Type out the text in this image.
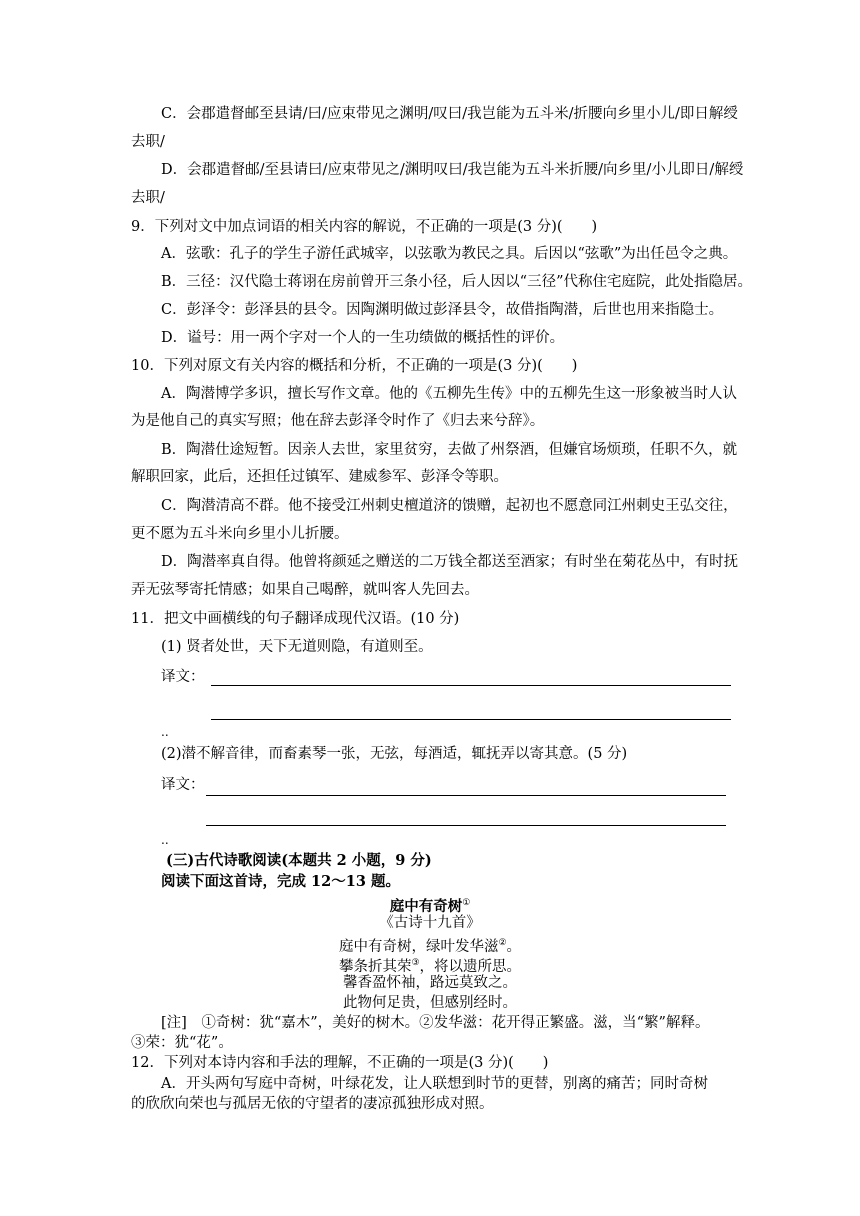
C．会郡遣督邮至县请/曰/应束带见之渊明/叹曰/我岂能为五斗米/折腰向乡里小儿/即日解绶
去职/
D．会郡遣督邮/至县请曰/应束带见之/渊明叹曰/我岂能为五斗米折腰/向乡里/小儿即日/解绶
去职/
9．下列对文中加点词语的相关内容的解说，不正确的一项是(3 分)(　　)
A．弦歌：孔子的学生子游任武城宰，以弦歌为教民之具。后因以“弦歌”为出任邑令之典。
B．三径：汉代隐士蒋诩在房前曾开三条小径，后人因以“三径”代称住宅庭院，此处指隐居。
C．彭泽令：彭泽县的县令。因陶渊明做过彭泽县令，故借指陶潜，后世也用来指隐士。
D．谥号：用一两个字对一个人的一生功绩做的概括性的评价。
10．下列对原文有关内容的概括和分析，不正确的一项是(3 分)(　　)
A．陶潜博学多识，擅长写作文章。他的《五柳先生传》中的五柳先生这一形象被当时人认
为是他自己的真实写照；他在辞去彭泽令时作了《归去来兮辞》。
B．陶潜仕途短暂。因亲人去世，家里贫穷，去做了州祭酒，但嫌官场烦琐，任职不久，就
解职回家，此后，还担任过镇军、建威参军、彭泽令等职。
C．陶潜清高不群。他不接受江州刺史檀道济的馈赠，起初也不愿意同江州刺史王弘交往，
更不愿为五斗米向乡里小儿折腰。
D．陶潜率真自得。他曾将颜延之赠送的二万钱全都送至酒家；有时坐在菊花丛中，有时抚
弄无弦琴寄托情感；如果自己喝醉，就叫客人先回去。
11．把文中画横线的句子翻译成现代汉语。(10 分)
(1) 贤者处世，天下无道则隐，有道则至。
译文：
..
(2)潜不解音律，而畜素琴一张，无弦，每酒适，辄抚弄以寄其意。(5 分)
译文：
..
(三)古代诗歌阅读(本题共 2 小题，9 分)
阅读下面这首诗，完成 12～13 题。
庭中有奇树①
《古诗十九首》
庭中有奇树，绿叶发华滋②。
攀条折其荣③，将以遗所思。
馨香盈怀袖，路远莫致之。
此物何足贵，但感别经时。
[注]　①奇树：犹“嘉木”，美好的树木。②发华滋：花开得正繁盛。滋，当“繁”解释。
③荣：犹“花”。
12．下列对本诗内容和手法的理解，不正确的一项是(3 分)(　　)
A．开头两句写庭中奇树，叶绿花发，让人联想到时节的更替，别离的痛苦；同时奇树
的欣欣向荣也与孤居无依的守望者的凄凉孤独形成对照。
